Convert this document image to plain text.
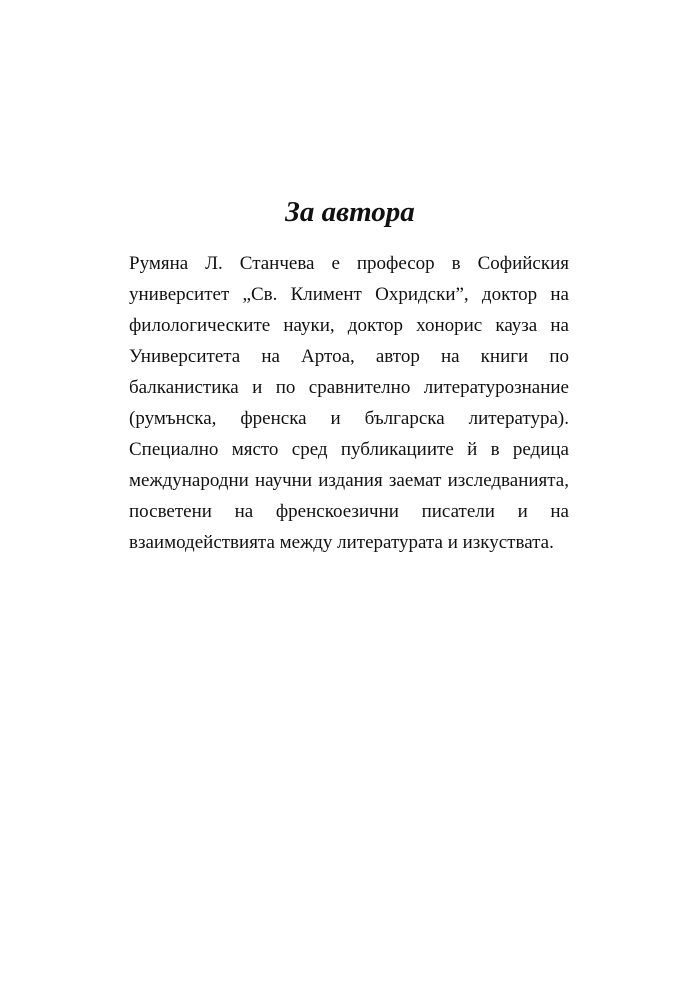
За автора
Румяна Л. Станчева е професор в Софийския
университет „Св. Климент Охридски”, доктор на
филологическите науки, доктор хонорис кауза на
Университета на Артоа, автор на книги по
балканистика и по сравнително литературознание
(румънска, френска и българска литература).
Специално място сред публикациите й в редица
международни научни издания заемат изследванията,
посветени на френскоезични писатели и на
взаимодействията между литературата и изкуствата.
